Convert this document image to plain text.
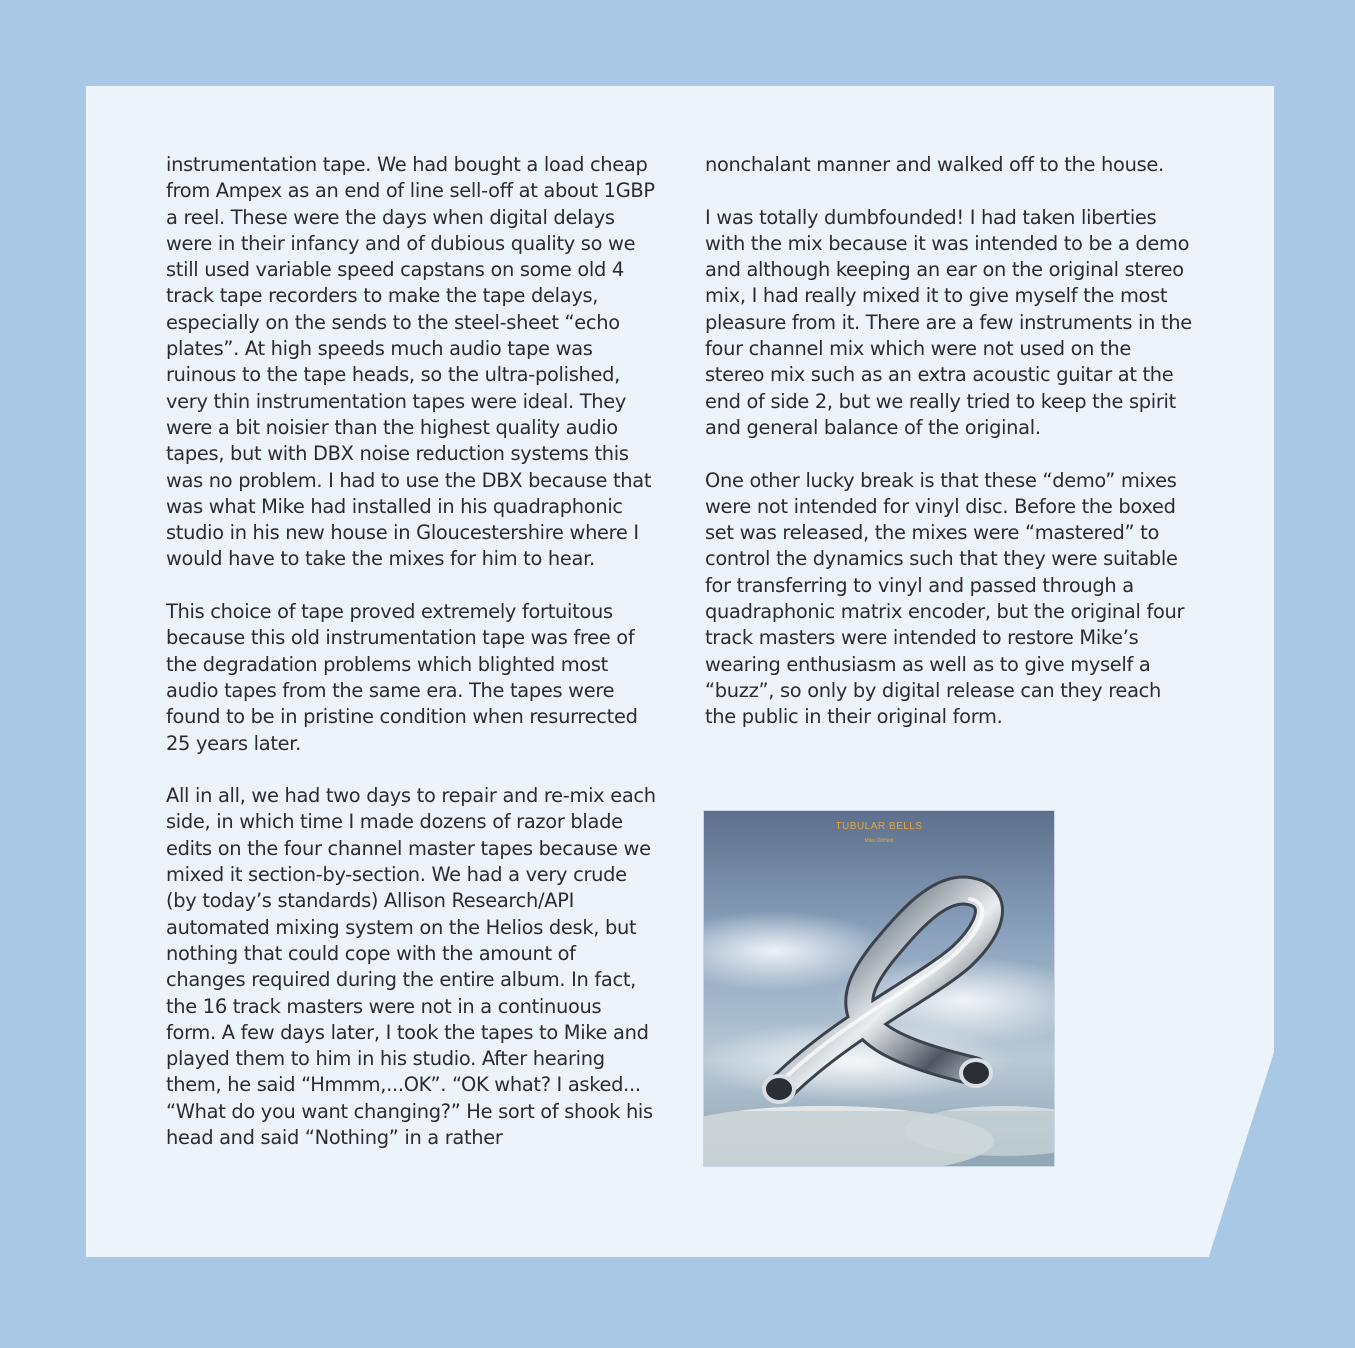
instrumentation tape. We had bought a load cheap from Ampex as an end of line sell-off at about 1GBP a reel. These were the days when digital delays were in their infancy and of dubious quality so we still used variable speed capstans on some old 4 track tape recorders to make the tape delays, especially on the sends to the steel-sheet “echo plates”. At high speeds much audio tape was ruinous to the tape heads, so the ultra-polished, very thin instrumentation tapes were ideal. They were a bit noisier than the highest quality audio tapes, but with DBX noise reduction systems this was no problem. I had to use the DBX because that was what Mike had installed in his quadraphonic studio in his new house in Gloucestershire where I would have to take the mixes for him to hear.

This choice of tape proved extremely fortuitous because this old instrumentation tape was free of the degradation problems which blighted most audio tapes from the same era. The tapes were found to be in pristine condition when resurrected 25 years later.

All in all, we had two days to repair and re-mix each side, in which time I made dozens of razor blade edits on the four channel master tapes because we mixed it section-by-section. We had a very crude (by today’s standards) Allison Research/API automated mixing system on the Helios desk, but nothing that could cope with the amount of changes required during the entire album. In fact, the 16 track masters were not in a continuous form. A few days later, I took the tapes to Mike and played them to him in his studio. After hearing them, he said “Hmmm,...OK”. “OK what? I asked... “What do you want changing?” He sort of shook his head and said “Nothing” in a rather

nonchalant manner and walked off to the house.

I was totally dumbfounded! I had taken liberties with the mix because it was intended to be a demo and although keeping an ear on the original stereo mix, I had really mixed it to give myself the most pleasure from it. There are a few instruments in the four channel mix which were not used on the stereo mix such as an extra acoustic guitar at the end of side 2, but we really tried to keep the spirit and general balance of the original.

One other lucky break is that these “demo” mixes were not intended for vinyl disc. Before the boxed set was released, the mixes were “mastered” to control the dynamics such that they were suitable for transferring to vinyl and passed through a quadraphonic matrix encoder, but the original four track masters were intended to restore Mike’s wearing enthusiasm as well as to give myself a “buzz”, so only by digital release can they reach the public in their original form.

TUBULAR BELLS
Mike Oldfield
